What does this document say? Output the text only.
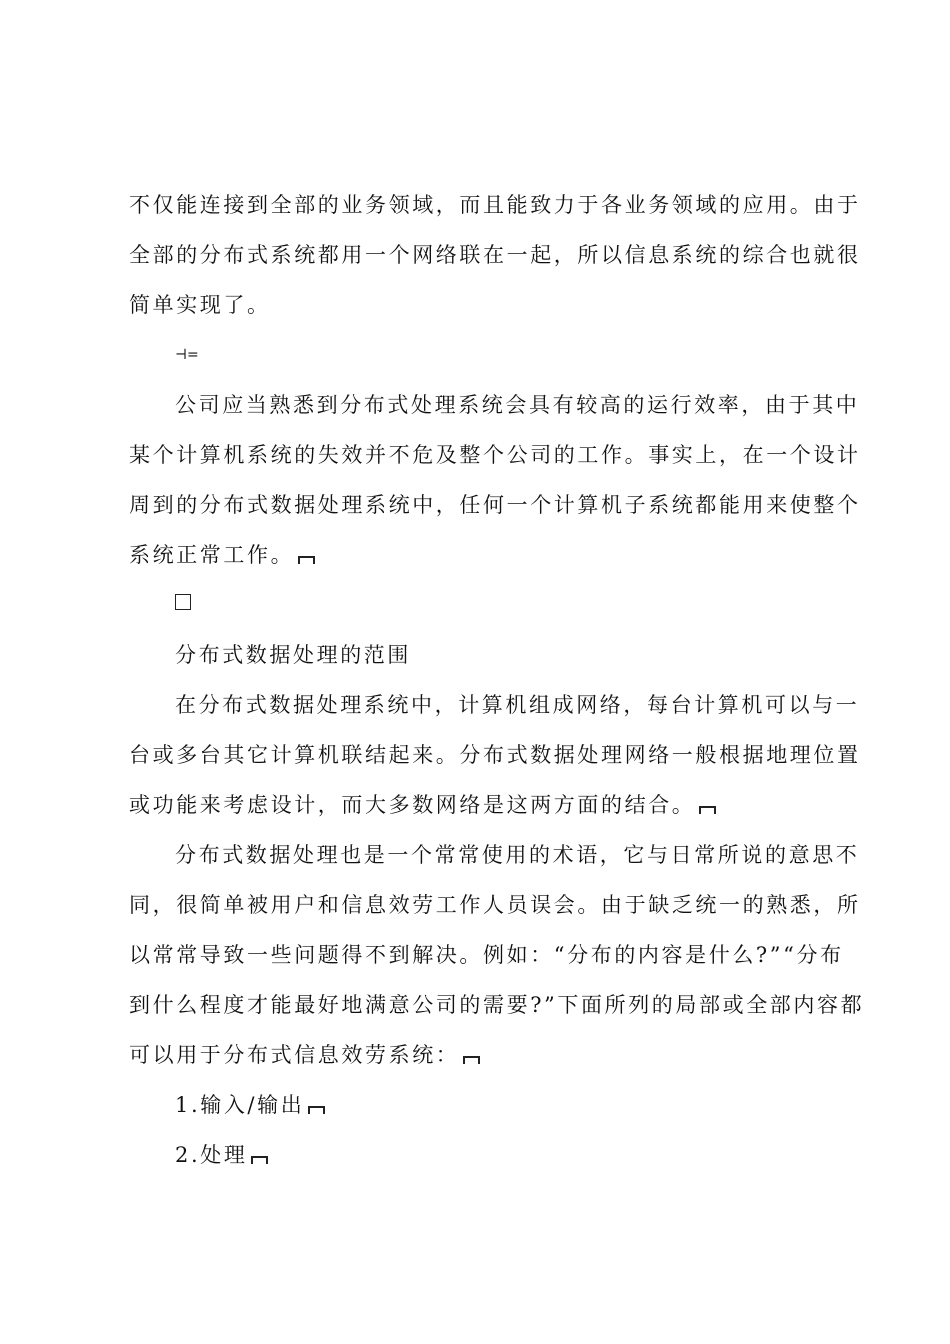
不仅能连接到全部的业务领域，而且能致力于各业务领域的应用。由于
全部的分布式系统都用一个网络联在一起，所以信息系统的综合也就很
简单实现了。
⊣=
公司应当熟悉到分布式处理系统会具有较高的运行效率，由于其中
某个计算机系统的失效并不危及整个公司的工作。事实上，在一个设计
周到的分布式数据处理系统中，任何一个计算机子系统都能用来使整个
系统正常工作。
分布式数据处理的范围
在分布式数据处理系统中，计算机组成网络，每台计算机可以与一
台或多台其它计算机联结起来。分布式数据处理网络一般根据地理位置
或功能来考虑设计，而大多数网络是这两方面的结合。
分布式数据处理也是一个常常使用的术语，它与日常所说的意思不
同，很简单被用户和信息效劳工作人员误会。由于缺乏统一的熟悉，所
以常常导致一些问题得不到解决。例如：“分布的内容是什么?”“分布
到什么程度才能最好地满意公司的需要?”下面所列的局部或全部内容都
可以用于分布式信息效劳系统：
1.输入/输出
2.处理
